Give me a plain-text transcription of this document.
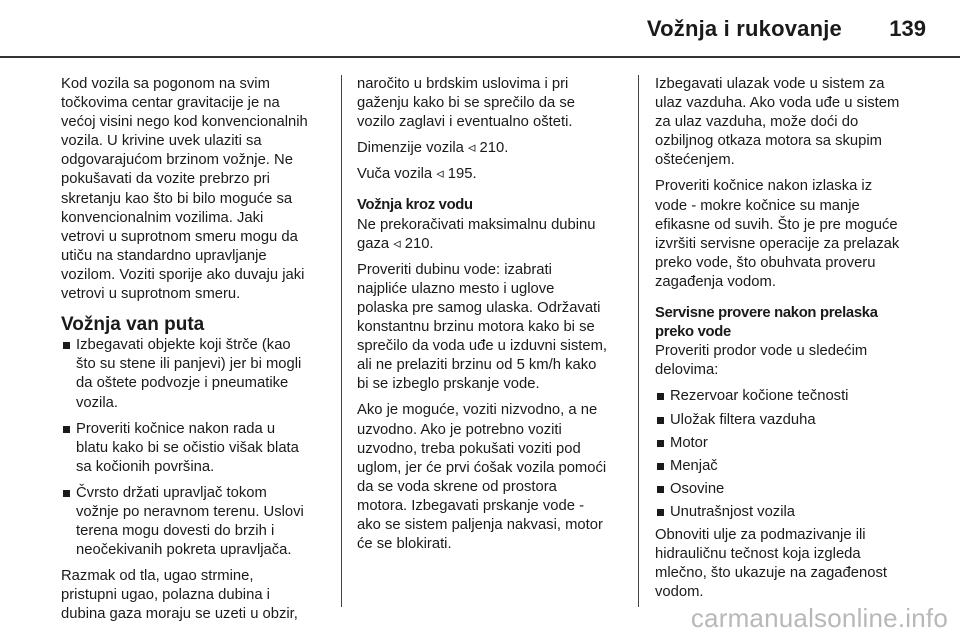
Vožnja i rukovanje 139

Kod vozila sa pogonom na svim
točkovima centar gravitacije je na
većoj visini nego kod konvencionalnih
vozila. U krivine uvek ulaziti sa
odgovarajućom brzinom vožnje. Ne
pokušavati da vozite prebrzo pri
skretanju kao što bi bilo moguće sa
konvencionalnim vozilima. Jaki
vetrovi u suprotnom smeru mogu da
utiču na standardno upravljanje
vozilom. Voziti sporije ako duvaju jaki
vetrovi u suprotnom smeru.

Vožnja van puta
Izbegavati objekte koji štrče (kao
što su stene ili panjevi) jer bi mogli
da oštete podvozje i pneumatike
vozila.
Proveriti kočnice nakon rada u
blatu kako bi se očistio višak blata
sa kočionih površina.
Čvrsto držati upravljač tokom
vožnje po neravnom terenu. Uslovi
terena mogu dovesti do brzih i
neočekivanih pokreta upravljača.

Razmak od tla, ugao strmine,
pristupni ugao, polazna dubina i
dubina gaza moraju se uzeti u obzir,

naročito u brdskim uslovima i pri
gaženju kako bi se sprečilo da se
vozilo zaglavi i eventualno ošteti.

Dimenzije vozila ◃ 210.

Vuča vozila ◃ 195.

Vožnja kroz vodu

Ne prekoračivati maksimalnu dubinu
gaza ◃ 210.

Proveriti dubinu vode: izabrati
najpliće ulazno mesto i uglove
polaska pre samog ulaska. Održavati
konstantnu brzinu motora kako bi se
sprečilo da voda uđe u izduvni sistem,
ali ne prelaziti brzinu od 5 km/h kako
bi se izbeglo prskanje vode.

Ako je moguće, voziti nizvodno, a ne
uzvodno. Ako je potrebno voziti
uzvodno, treba pokušati voziti pod
uglom, jer će prvi ćošak vozila pomoći
da se voda skrene od prostora
motora. Izbegavati prskanje vode -
ako se sistem paljenja nakvasi, motor
će se blokirati.

Izbegavati ulazak vode u sistem za
ulaz vazduha. Ako voda uđe u sistem
za ulaz vazduha, može doći do
ozbiljnog otkaza motora sa skupim
oštećenjem.

Proveriti kočnice nakon izlaska iz
vode - mokre kočnice su manje
efikasne od suvih. Što je pre moguće
izvršiti servisne operacije za prelazak
preko vode, što obuhvata proveru
zagađenja vodom.

Servisne provere nakon prelaska
preko vode

Proveriti prodor vode u sledećim
delovima:

Rezervoar kočione tečnosti
Uložak filtera vazduha
Motor
Menjač
Osovine
Unutrašnjost vozila

Obnoviti ulje za podmazivanje ili
hidrauličnu tečnost koja izgleda
mlečno, što ukazuje na zagađenost
vodom.

carmanualsonline.info
